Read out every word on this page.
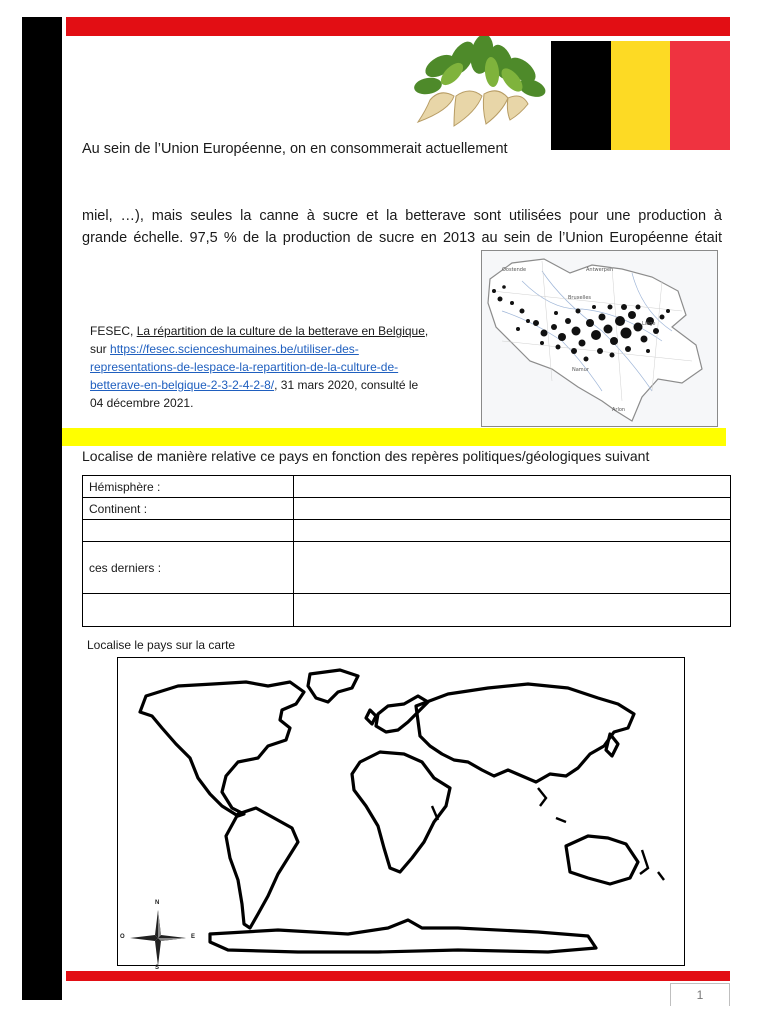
Au sein de l’Union Européenne, on en consommerait actuellement
miel, …), mais seules la canne à sucre et la betterave sont utilisées pour une production à
grande échelle. 97,5 % de la production de sucre en 2013 au sein de l’Union Européenne était
FESEC, La répartition de la culture de la betterave en Belgique,
sur https://fesec.scienceshumaines.be/utiliser-des-
representations-de-lespace-la-repartition-de-la-culture-de-
betterave-en-belgique-2-3-2-4-2-8/, 31 mars 2020, consulté le
04 décembre 2021.
Oostende	Antwerpen
Bruxelles
Liège
Namur
Arlon
Localise de manière relative ce pays en fonction des repères politiques/géologiques suivant
Hémisphère :	
Continent :	

ces derniers :	

Localise le pays sur la carte
N
S
E
O
1
